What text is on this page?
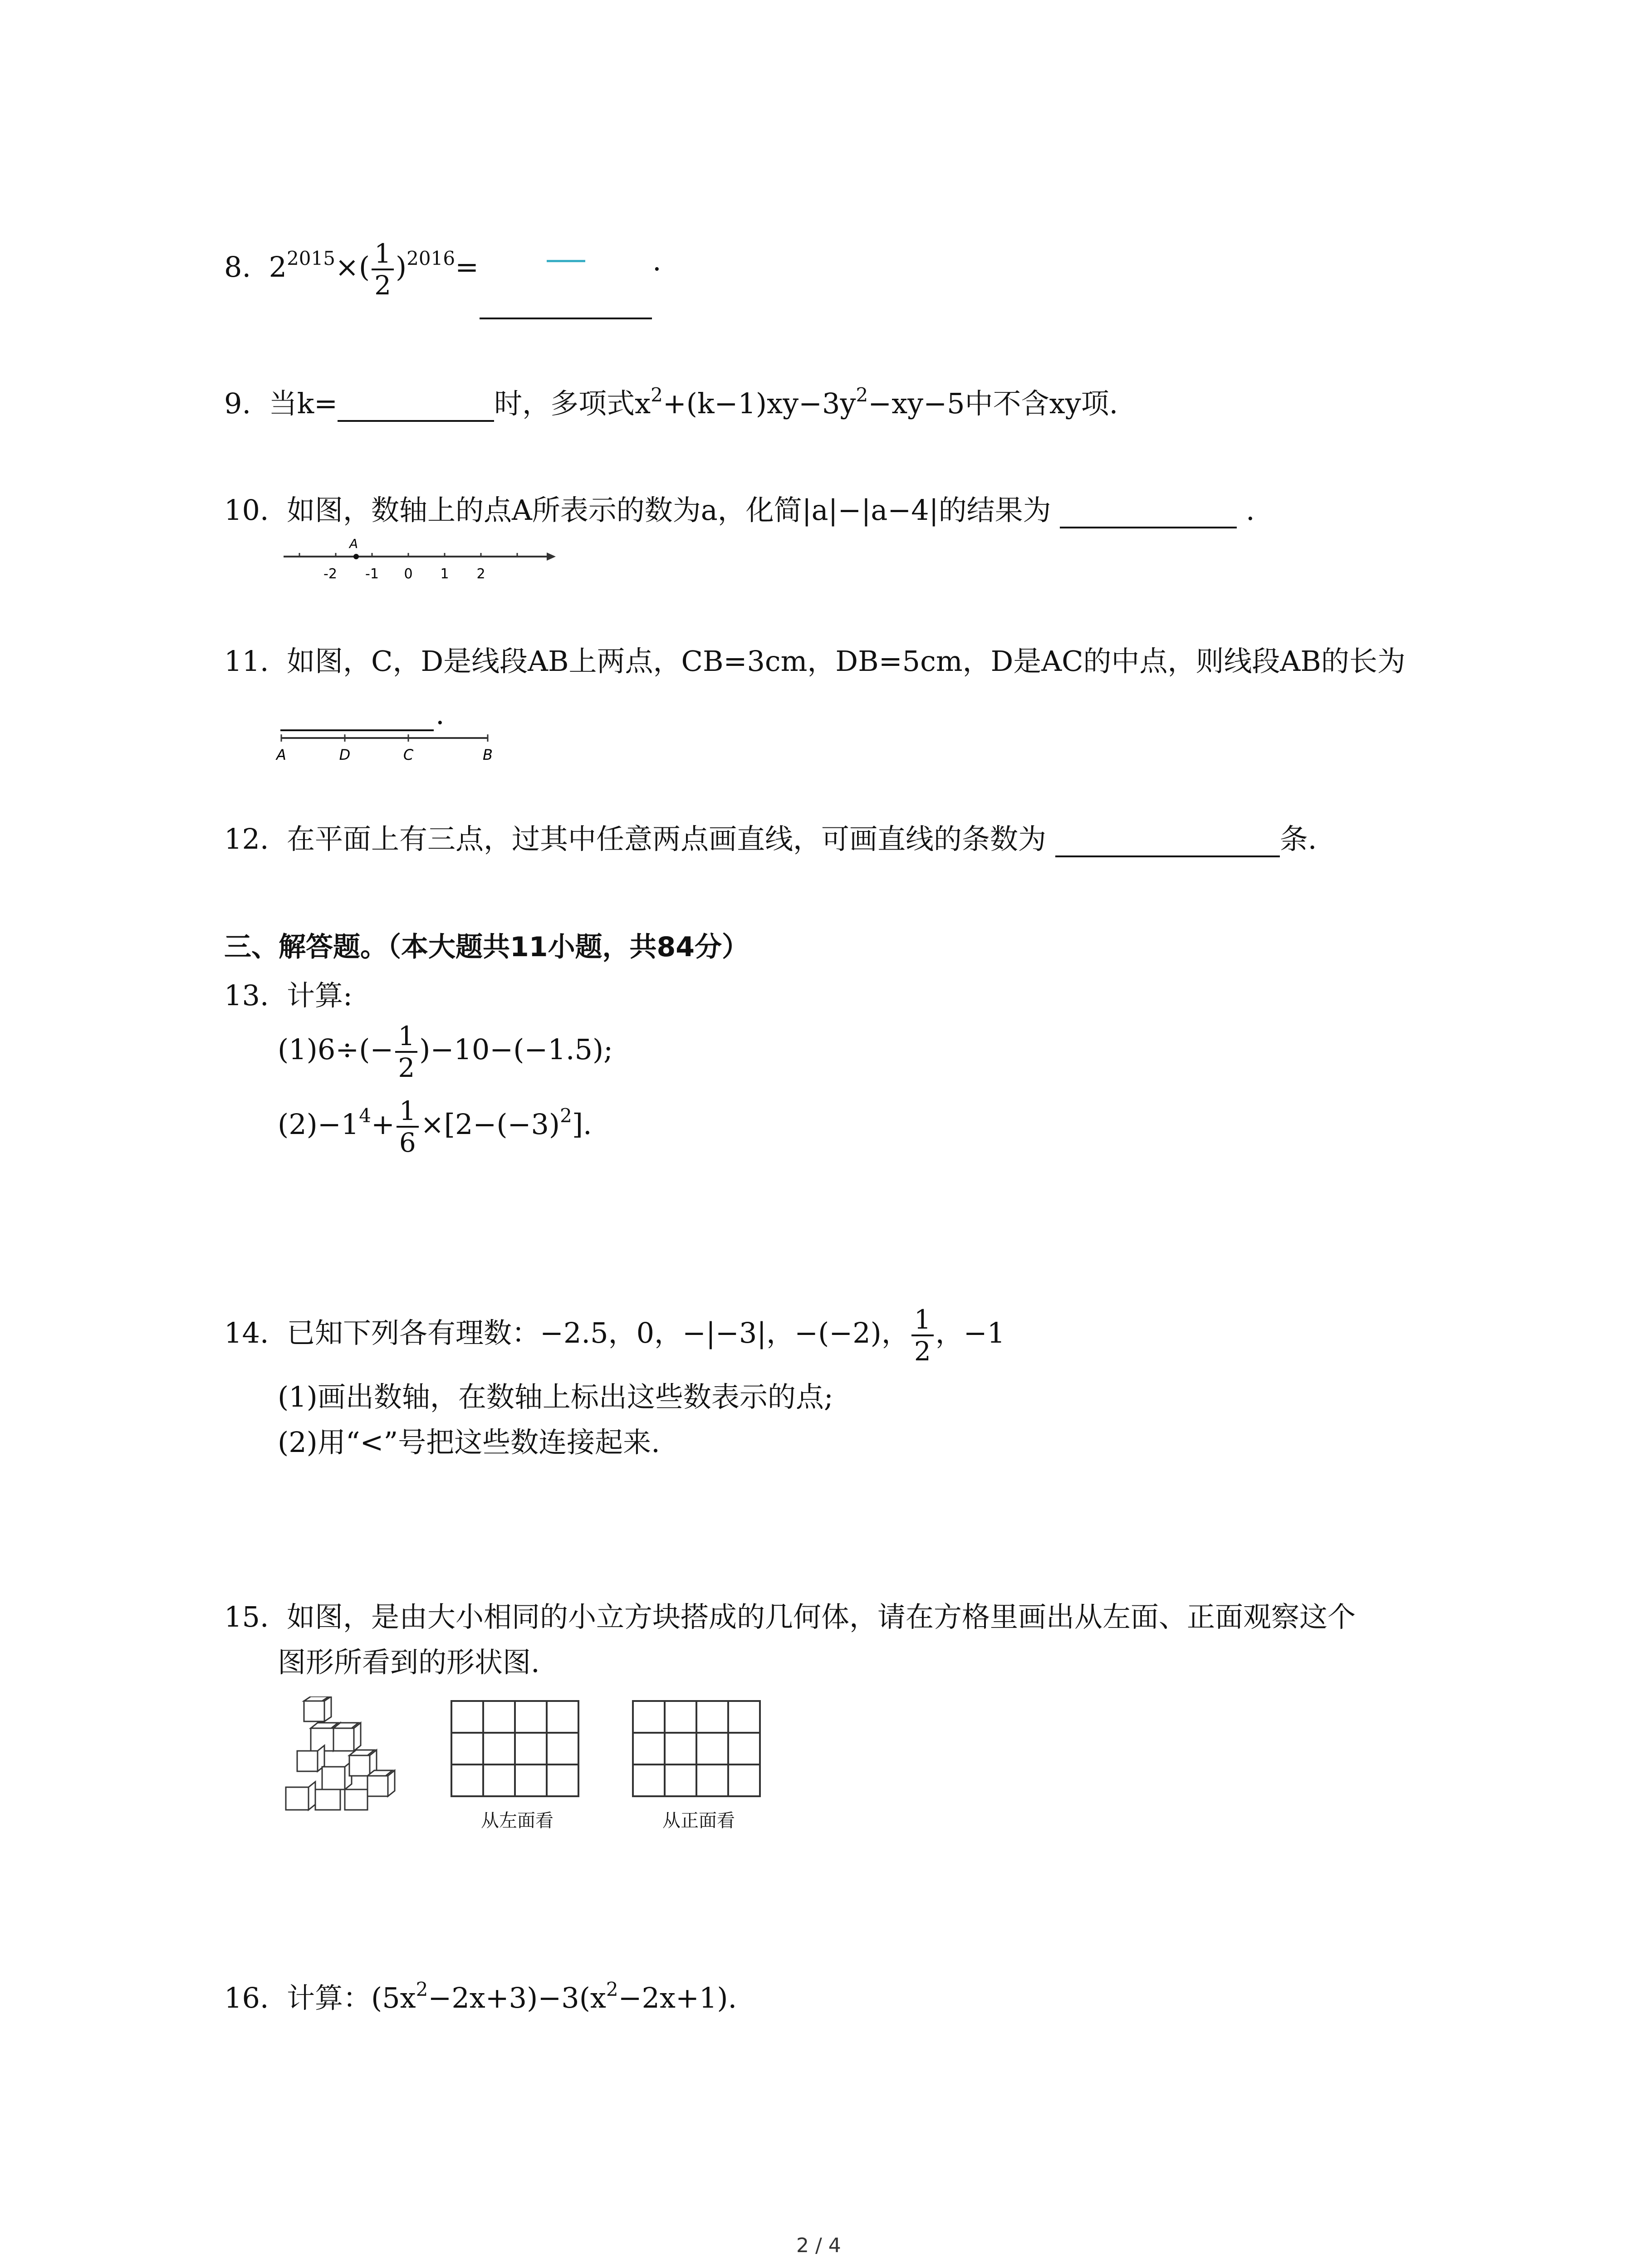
8. $2^{2015}\times( \frac{1}{2} )^{2016}=$	.
9. 当k=	时，多项式$x^2+(k-1)xy-3y^2-xy-5$中不含xy项.
10. 如图，数轴上的点A所表示的数为a，化简|a|−|a−4|的结果为	.
A
-2 -1 0 1 2
11. 如图，C，D是线段AB上两点，CB=3cm，DB=5cm，D是AC的中点，则线段AB的长为
.
A	D	C	B
12. 在平面上有三点，过其中任意两点画直线，可画直线的条数为	条.
三、解答题。（本大题共11小题，共84分）
13. 计算:
$(1)6\div(- \frac{1}{2} )-10-(-1.5)$;
$(2)-1^4+ \frac{1}{6} \times[2-(-3)^2]$.
14. 已知下列各有理数：−2.5，0，−|−3|，−(−2)， $\frac{1}{2}$ ，−1
(1)画出数轴，在数轴上标出这些数表示的点;
(2)用“<”号把这些数连接起来.
15. 如图，是由大小相同的小立方块搭成的几何体，请在方格里画出从左面、正面观察这个
图形所看到的形状图.
从左面看	从正面看
16. 计算：$(5x^2-2x+3)-3(x^2-2x+1)$.
2 / 4
